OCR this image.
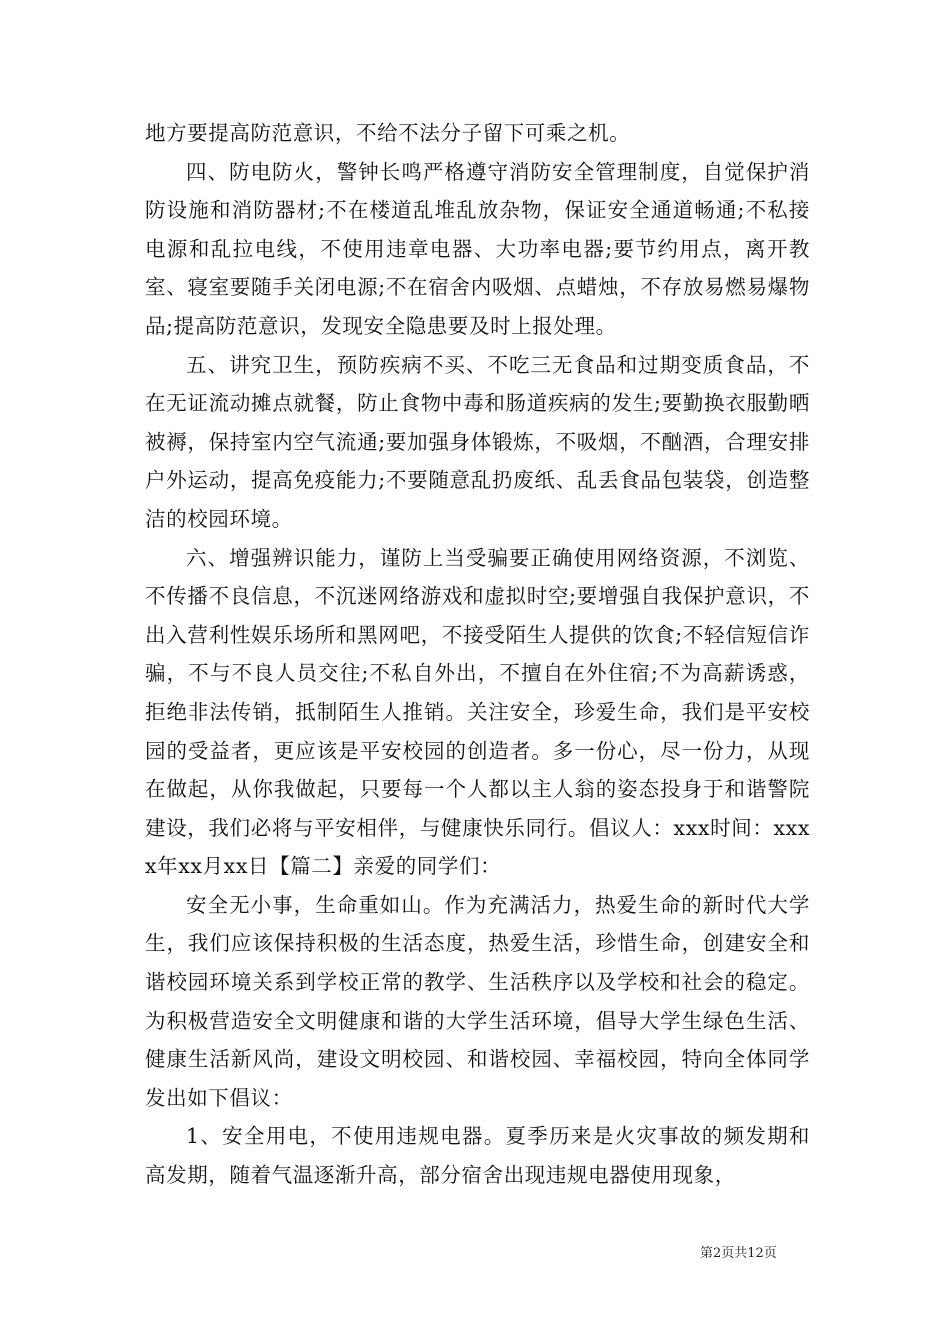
地方要提高防范意识，不给不法分子留下可乘之机。

四、防电防火，警钟长鸣严格遵守消防安全管理制度，自觉保护消防设施和消防器材;不在楼道乱堆乱放杂物，保证安全通道畅通;不私接电源和乱拉电线，不使用违章电器、大功率电器;要节约用点，离开教室、寝室要随手关闭电源;不在宿舍内吸烟、点蜡烛，不存放易燃易爆物品;提高防范意识，发现安全隐患要及时上报处理。

五、讲究卫生，预防疾病不买、不吃三无食品和过期变质食品，不在无证流动摊点就餐，防止食物中毒和肠道疾病的发生;要勤换衣服勤晒被褥，保持室内空气流通;要加强身体锻炼，不吸烟，不酗酒，合理安排户外运动，提高免疫能力;不要随意乱扔废纸、乱丢食品包装袋，创造整洁的校园环境。

六、增强辨识能力，谨防上当受骗要正确使用网络资源，不浏览、不传播不良信息，不沉迷网络游戏和虚拟时空;要增强自我保护意识，不出入营利性娱乐场所和黑网吧，不接受陌生人提供的饮食;不轻信短信诈骗，不与不良人员交往;不私自外出，不擅自在外住宿;不为高薪诱惑，拒绝非法传销，抵制陌生人推销。关注安全，珍爱生命，我们是平安校园的受益者，更应该是平安校园的创造者。多一份心，尽一份力，从现在做起，从你我做起，只要每一个人都以主人翁的姿态投身于和谐警院建设，我们必将与平安相伴，与健康快乐同行。倡议人：xxx时间：xxxx年xx月xx日【篇二】亲爱的同学们：

安全无小事，生命重如山。作为充满活力，热爱生命的新时代大学生，我们应该保持积极的生活态度，热爱生活，珍惜生命，创建安全和谐校园环境关系到学校正常的教学、生活秩序以及学校和社会的稳定。为积极营造安全文明健康和谐的大学生活环境，倡导大学生绿色生活、健康生活新风尚，建设文明校园、和谐校园、幸福校园，特向全体同学发出如下倡议：

1、安全用电，不使用违规电器。夏季历来是火灾事故的频发期和高发期，随着气温逐渐升高，部分宿舍出现违规电器使用现象，

第2页共12页
